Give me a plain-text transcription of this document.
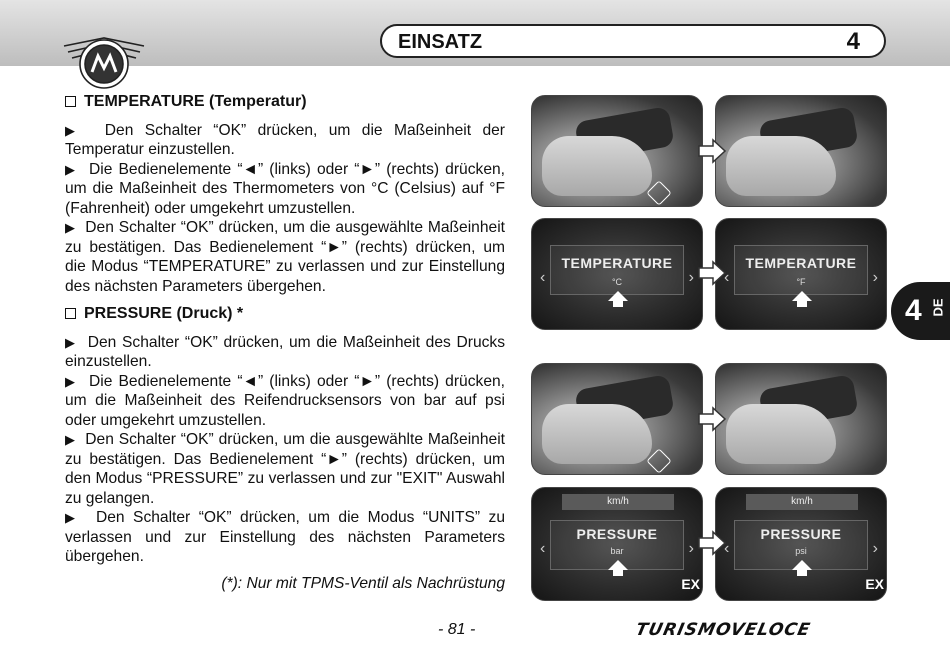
EINSATZ	4
TEMPERATURE (Temperatur)

▶ Den Schalter “OK” drücken, um die Maßeinheit der Temperatur einzustellen.

▶ Die Bedienelemente “◄” (links) oder “►” (rechts) drücken, um die Maßeinheit des Thermometers von °C (Celsius) auf °F (Fahrenheit) oder umgekehrt umzustellen.

▶ Den Schalter “OK” drücken, um die ausgewählte Maßeinheit zu bestätigen. Das Bedienelement “►” (rechts) drücken, um die Modus “TEMPERATURE” zu verlassen und zur Einstellung des nächsten Parameters übergehen.

PRESSURE (Druck) *

▶ Den Schalter “OK” drücken, um die Maßeinheit des Drucks einzustellen.

▶ Die Bedienelemente “◄” (links) oder “►” (rechts) drücken, um die Maßeinheit des Reifendrucksensors von bar auf psi oder umgekehrt umzustellen.

▶ Den Schalter “OK” drücken, um die ausgewählte Maßeinheit zu bestätigen. Das Bedienelement “►” (rechts) drücken, um den Modus “PRESSURE” zu verlassen und zur "EXIT" Auswahl zu gelangen.

▶ Den Schalter “OK” drücken, um die Modus “UNITS” zu verlassen und zur Einstellung des nächsten Parameters übergehen.

(*): Nur mit TPMS-Ventil als Nachrüstung
- 81 -	TURISMOVELOCE
4 DE
TEMPERATURE
°C
‹	›
TEMPERATURE
°F
‹	›
km/h
PRESSURE
bar
‹	›
EX
km/h
PRESSURE
psi
‹	›
EX
